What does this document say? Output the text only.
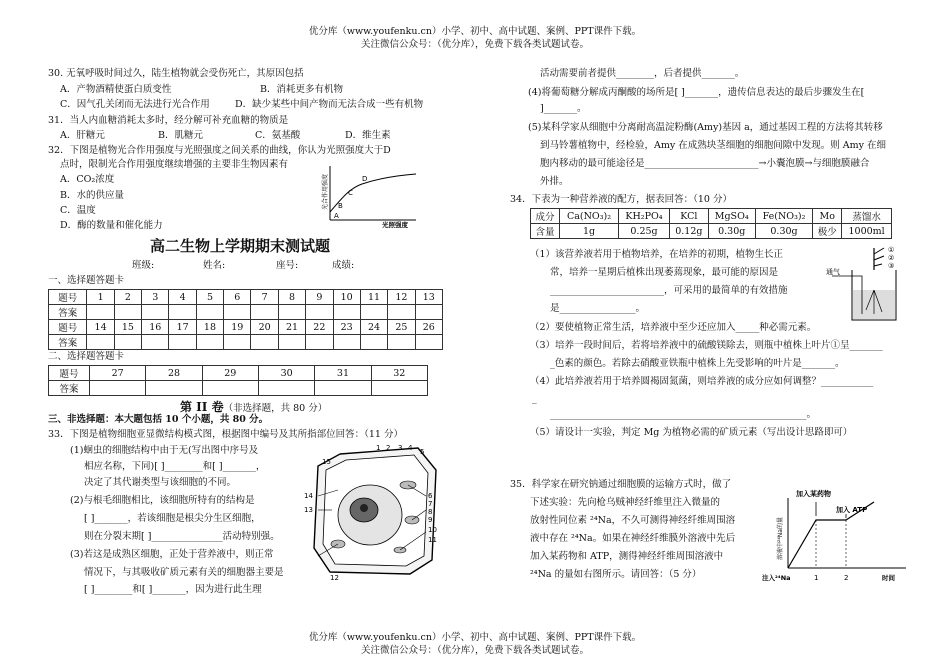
优分库（www.youfenku.cn）小学、初中、高中试题、案例、PPT课件下载。
关注微信公众号：（优分库），免费下载各类试题试卷。
30. 无氧呼吸时间过久，陆生植物就会受伤死亡，其原因包括
A．产物酒精使蛋白质变性	B．消耗更多有机物
C．因气孔关闭而无法进行光合作用	D．缺少某些中间产物而无法合成一些有机物
31．当人内血糖消耗太多时，经分解可补充血糖的物质是
A．肝糖元	B．肌糖元	C．氨基酸	D．维生素
32．下图是植物光合作用强度与光照强度之间关系的曲线，你认为光照强度大于D
点时，限制光合作用强度继续增强的主要非生物因素有
A．CO₂浓度
B．水的供应量
C．温度
D．酶的数量和催化能力
A
B
C
D
光照强度
光合作用强度
高二生物上学期期末测试题
班级:	姓名:	座号:	成绩:
一、选择题答题卡
题号	1	2	3	4	5	6	7	8	9	10	11	12	13
答案													
题号	14	15	16	17	18	19	20	21	22	23	24	25	26
答案													
二、选择题答题卡
题号	27	28	29	30	31	32
答案						
第 II 卷（非选择题，共 80 分）
三、非选择题：本大题包括 10 个小题，共 80 分。
33．下图是植物细胞亚显微结构模式图，根据图中编号及其所指部位回答：（11 分）
(1)蛔虫的细胞结构中由于无(写出图中序号及
相应名称，下同)[ ]________和[ ]_______，
决定了其代谢类型与该细胞的不同。
(2)与根毛细胞相比，该细胞所特有的结构是
[ ]_______，若该细胞是根尖分生区细胞，
则在分裂末期[ ]_______________活动特别强。
(3)若这是成熟区细胞，正处于营养液中，则正常
情况下，与其吸收矿质元素有关的细胞器主要是
[ ]________和[ ]_______，因为进行此生理
15
14
13
12
1 2 3 4 5
6
7
8
9
10
11
活动需要前者提供________，后者提供_______。
(4)将葡萄糖分解成丙酮酸的场所是[ ]_______，遗传信息表达的最后步骤发生在[
]_______。
(5)某科学家从细胞中分离耐高温淀粉酶(Amy)基因 a，通过基因工程的方法将其转移
到马铃薯植物中，经检验，Amy 在成熟块茎细胞的细胞间隙中发现。则 Amy 在细
胞内移动的最可能途径是________________________→小囊泡膜→与细胞膜融合
外排。
34．下表为一种营养液的配方，据表回答：（10 分）
成分	Ca(NO₃)₂	KH₂PO₄	KCl	MgSO₄	Fe(NO₃)₂	Mo	蒸馏水
含量	1g	0.25g	0.12g	0.30g	0.30g	极少	1000ml
（1）该营养液若用于植物培养，在培养的初期，植物生长正
常，培养一星期后植株出现萎蔫现象，最可能的原因是
________________________，可采用的最简单的有效措施
是________________。
（2）要使植物正常生活，培养液中至少还应加入_____种必需元素。
（3）培养一段时间后，若将培养液中的硫酸镁除去，则瓶中植株上叶片①呈_______
_色素的颜色。若除去硝酸亚铁瓶中植株上先受影响的叶片是_______。
（4）此培养液若用于培养圆褐固氮菌，则培养液的成分应如何调整？___________
_
______________________________________________________。
（5）请设计一实验，判定 Mg 为植物必需的矿质元素（写出设计思路即可）
通气
①
②
③
35．科学家在研究钠通过细胞膜的运输方式时，做了
下述实验：先向枪乌贼神经纤维里注入微量的
放射性同位素 ²⁴Na，不久可测得神经纤维周围溶
液中存在 ²⁴Na。如果在神经纤维膜外溶液中先后
加入某药物和 ATP，测得神经纤维周围溶液中
²⁴Na 的量如右图所示。请回答：（5 分）
加入某药物
加入 ATP
注入²⁴Na	1	2	时间
溶液中²⁴Na的量
优分库（www.youfenku.cn）小学、初中、高中试题、案例、PPT课件下载。
关注微信公众号：（优分库），免费下载各类试题试卷。
